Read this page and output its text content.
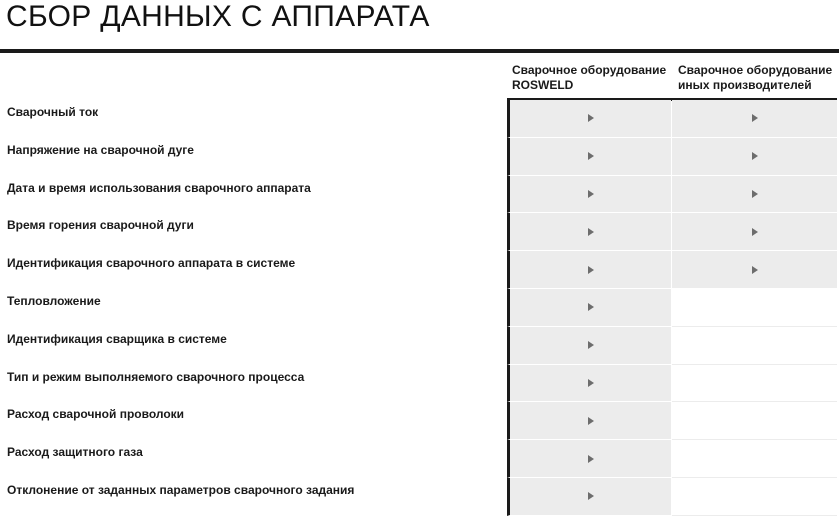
СБОР ДАННЫХ С АППАРАТА
Сварочное оборудование
ROSWELD
Сварочное оборудование
иных производителей
Сварочный ток
Напряжение на сварочной дуге
Дата и время использования сварочного аппарата
Время горения сварочной дуги
Идентификация сварочного аппарата в системе
Тепловложение
Идентификация сварщика в системе
Тип и режим выполняемого сварочного процесса
Расход сварочной проволоки
Расход защитного газа
Отклонение от заданных параметров сварочного задания
